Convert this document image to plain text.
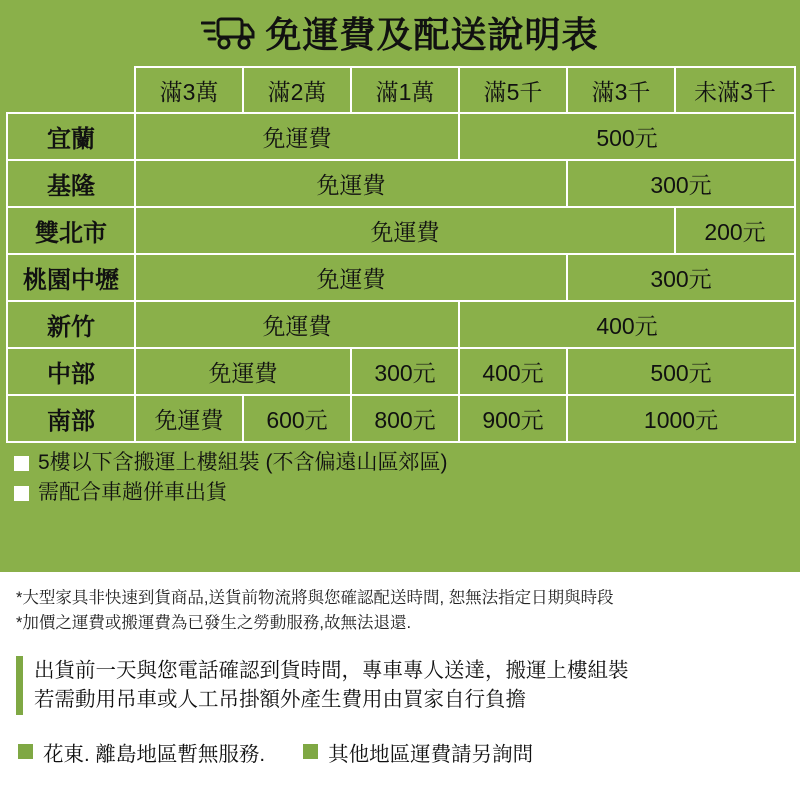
免運費及配送說明表
	滿3萬	滿2萬	滿1萬	滿5千	滿3千	未滿3千
宜蘭	免運費			500元		
基隆	免運費				300元	
雙北市	免運費					200元
桃園中壢	免運費				300元	
新竹	免運費			400元		
中部	免運費		300元	400元	500元	
南部	免運費	600元	800元	900元	1000元	
5樓以下含搬運上樓組裝 (不含偏遠山區郊區)
需配合車趟併車出貨
*大型家具非快速到貨商品,送貨前物流將與您確認配送時間, 恕無法指定日期與時段
*加價之運費或搬運費為已發生之勞動服務,故無法退還.
出貨前一天與您電話確認到貨時間，專車專人送達，搬運上樓組裝
若需動用吊車或人工吊掛額外產生費用由買家自行負擔
花東. 離島地區暫無服務.	其他地區運費請另詢問
